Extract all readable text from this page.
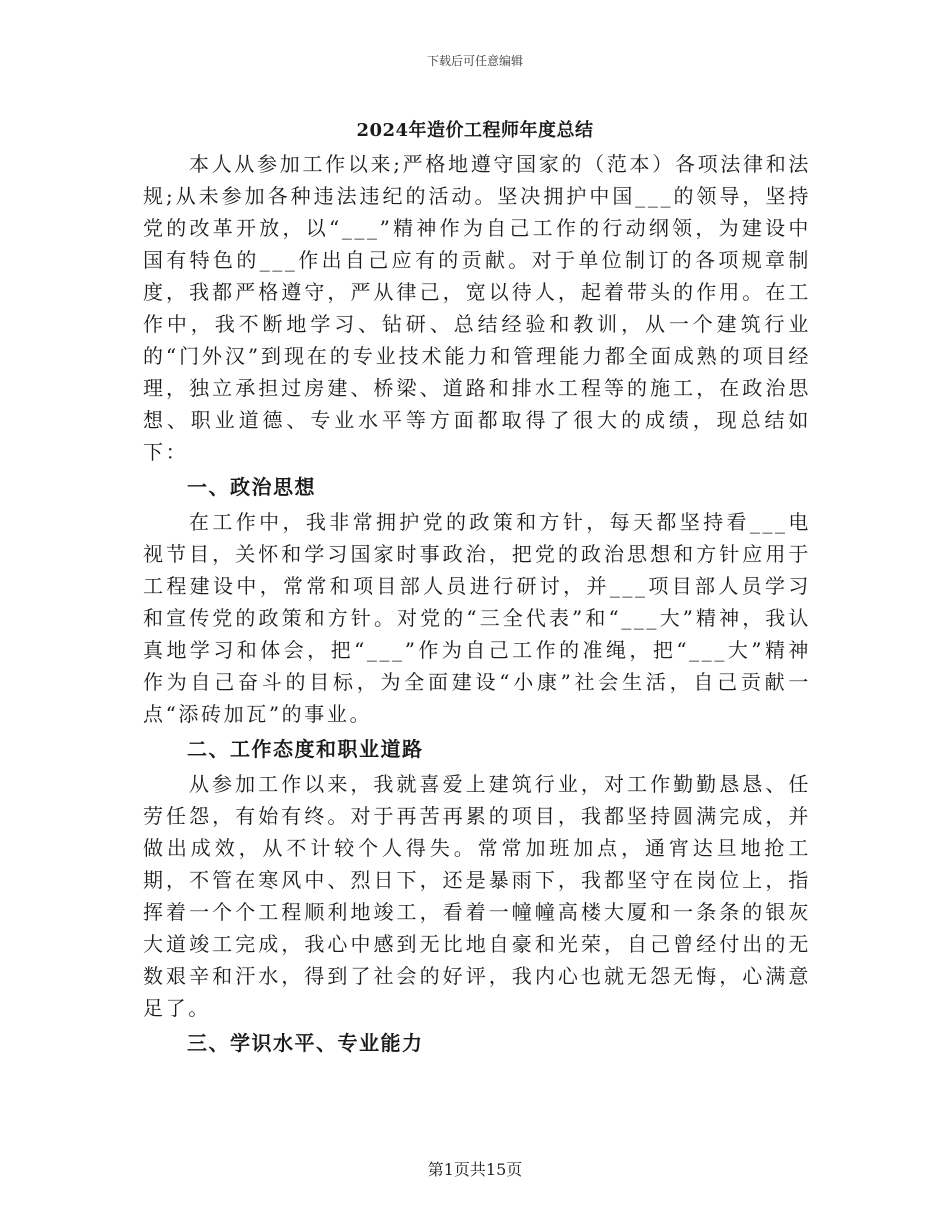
下载后可任意编辑
2024年造价工程师年度总结

本人从参加工作以来;严格地遵守国家的（范本）各项法律和法规;从未参加各种违法违纪的活动。坚决拥护中国___的领导，坚持党的改革开放，以“___”精神作为自己工作的行动纲领，为建设中国有特色的___作出自己应有的贡献。对于单位制订的各项规章制度，我都严格遵守，严从律己，宽以待人，起着带头的作用。在工作中，我不断地学习、钻研、总结经验和教训，从一个建筑行业的“门外汉”到现在的专业技术能力和管理能力都全面成熟的项目经理，独立承担过房建、桥梁、道路和排水工程等的施工，在政治思想、职业道德、专业水平等方面都取得了很大的成绩，现总结如下：

一、政治思想

在工作中，我非常拥护党的政策和方针，每天都坚持看___电视节目，关怀和学习国家时事政治，把党的政治思想和方针应用于工程建设中，常常和项目部人员进行研讨，并___项目部人员学习和宣传党的政策和方针。对党的“三全代表”和“___大”精神，我认真地学习和体会，把“___”作为自己工作的准绳，把“___大”精神作为自己奋斗的目标，为全面建设“小康”社会生活，自己贡献一点“添砖加瓦”的事业。

二、工作态度和职业道路

从参加工作以来，我就喜爱上建筑行业，对工作勤勤恳恳、任劳任怨，有始有终。对于再苦再累的项目，我都坚持圆满完成，并做出成效，从不计较个人得失。常常加班加点，通宵达旦地抢工期，不管在寒风中、烈日下，还是暴雨下，我都坚守在岗位上，指挥着一个个工程顺利地竣工，看着一幢幢高楼大厦和一条条的银灰大道竣工完成，我心中感到无比地自豪和光荣，自己曾经付出的无数艰辛和汗水，得到了社会的好评，我内心也就无怨无悔，心满意足了。

三、学识水平、专业能力
第1页共15页
